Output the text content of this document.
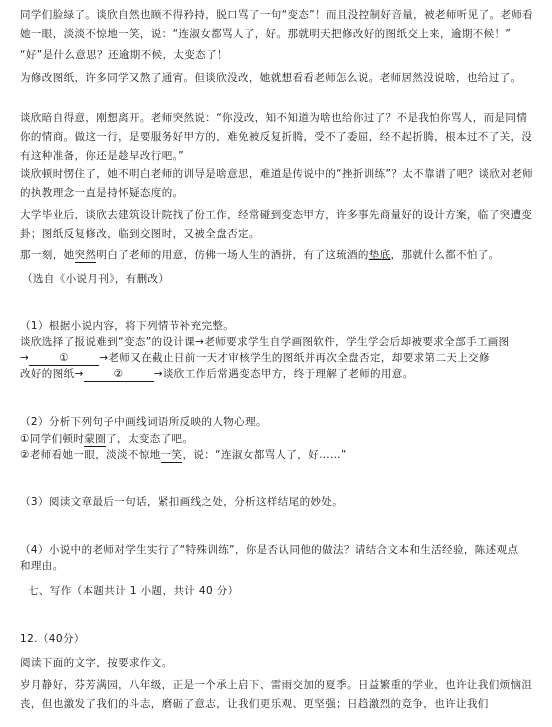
同学们脸绿了。谈欣自然也顾不得矜持，脱口骂了一句“变态”！而且没控制好音量，被老师听见了。老师看她一眼，淡淡不惊地一笑，说：“连淑女都骂人了，好。那就明天把修改好的图纸交上来，逾期不候！”

“好”是什么意思？还逾期不候，太变态了！

为修改图纸，许多同学又熬了通宵。但谈欣没改，她就想看看老师怎么说。老师居然没说啥，也给过了。

谈欣暗自得意，刚想离开。老师突然说：“你没改，知不知道为啥也给你过了？不是我怕你骂人，而是同情你的情商。做这一行，是要服务好甲方的，难免被反复折腾，受不了委屈，经不起折腾，根本过不了关，没有这种准备，你还是趁早改行吧。”

谈欣顿时愣住了，她不明白老师的训导是啥意思，难道是传说中的“挫折训练”？太不靠谱了吧？谈欣对老师的执教理念一直是持怀疑态度的。

大学毕业后，谈欣去建筑设计院找了份工作，经常碰到变态甲方，许多事先商量好的设计方案，临了突遭变卦；图纸反复修改，临到交图时，又被全盘否定。

那一刻，她突然明白了老师的用意，仿佛一场人生的酒拼，有了这琉酒的垫底，那就什么都不怕了。

（选自《小说月刊》，有删改）

（1）根据小说内容，将下列情节补充完整。

谈欣选择了报说难到“变态”的设计课→老师要求学生自学画图软件，学生学会后却被要求全部手工画图

→	①	→老师又在截止日前一天才审核学生的图纸并再次全盘否定，却要求第二天上交修

改好的图纸→	②	→谈欣工作后常遇变态甲方，终于理解了老师的用意。

（2）分析下列句子中画线词语所反映的人物心理。

①同学们顿时蒙圈了，太变态了吧。

②老师看她一眼，淡淡不惊地一笑，说：“连淑女都骂人了，好……”

（3）阅读文章最后一句话，紧扣画线之处，分析这样结尾的妙处。

（4）小说中的老师对学生实行了“特殊训练”，你是否认同他的做法？请结合文本和生活经验，陈述观点

和理由。

七、写作（本题共计 1 小题，共计 40 分）

12.（40分）

阅读下面的文字，按要求作文。

岁月静好，芬芳满园，八年级，正是一个承上启下、雷雨交加的夏季。日益繁重的学业，也许让我们烦恼沮丧，但也激发了我们的斗志，磨砺了意志，让我们更乐观、更坚强；日趋激烈的竞争，也许让我们
